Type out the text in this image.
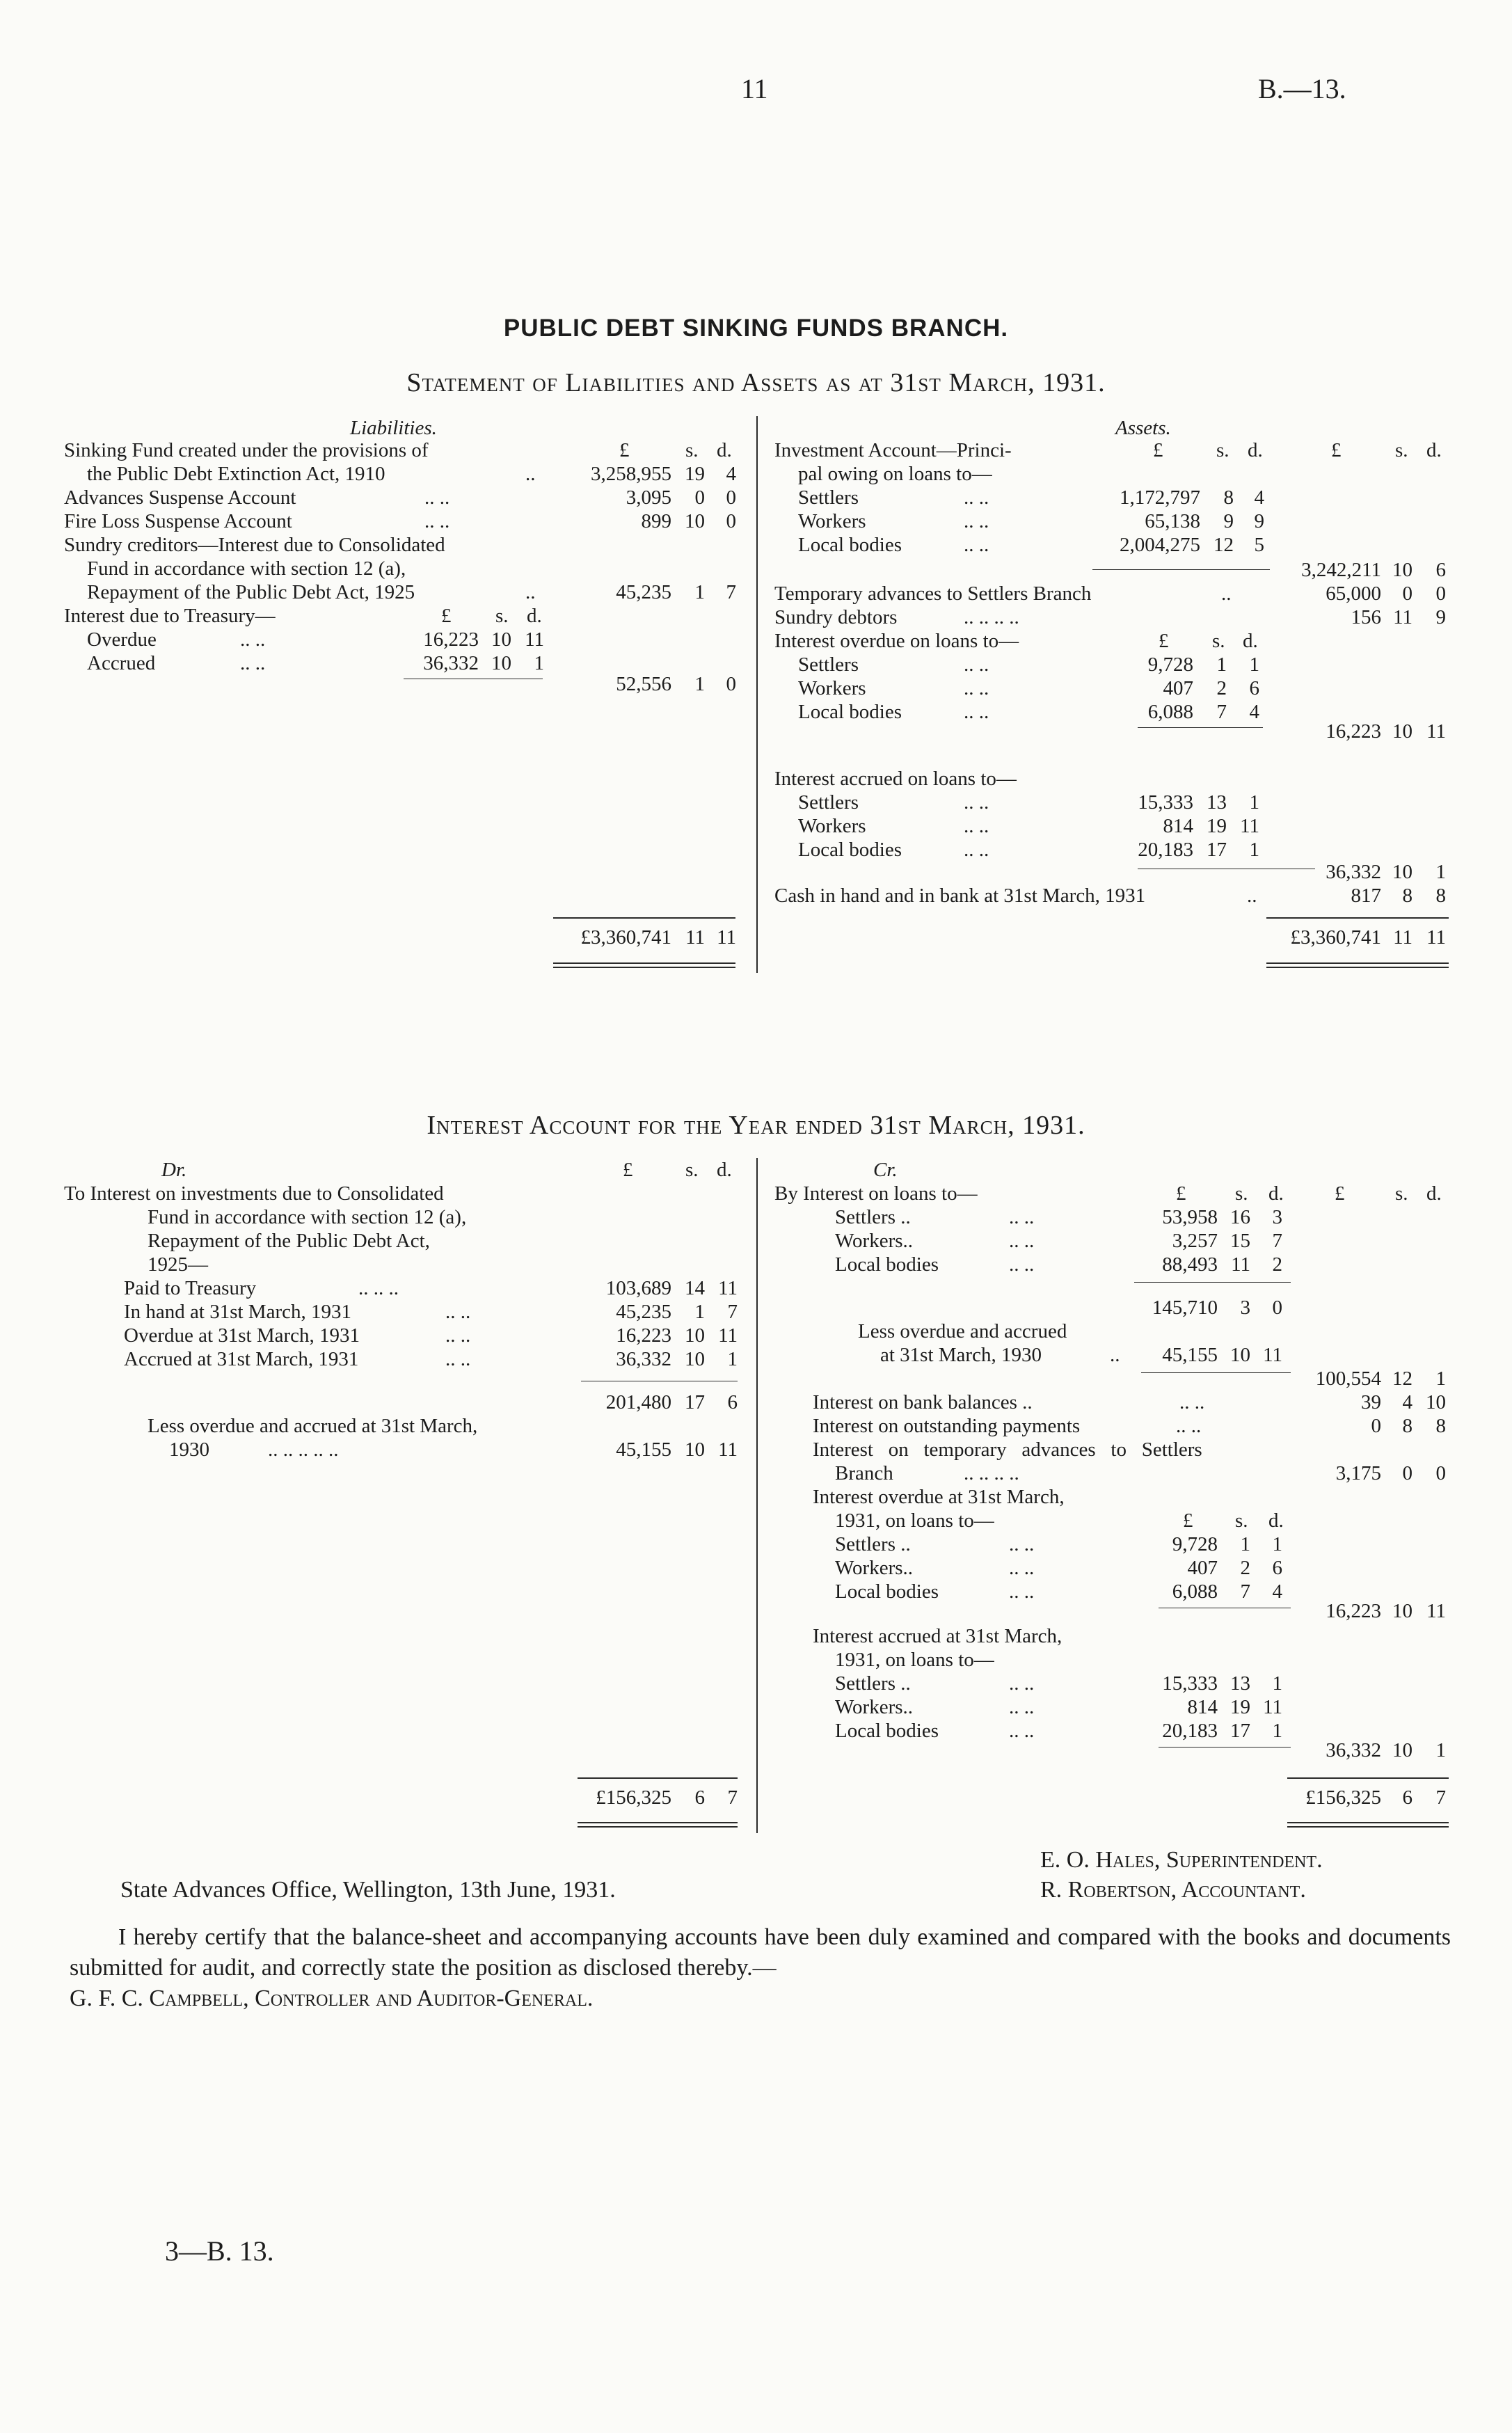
11	B.—13.
PUBLIC DEBT SINKING FUNDS BRANCH.
Statement of Liabilities and Assets as at 31st March, 1931.
Liabilities.
£	s. d.
Sinking Fund created under the provisions of
the Public Debt Extinction Act, 1910	..	3,258,955 19	4
Advances Suspense Account	.. ..	3,095	0	0
Fire Loss Suspense Account	.. ..	899 10	0
Sundry creditors—Interest due to Consolidated
Fund in accordance with section 12 (a),
Repayment of the Public Debt Act, 1925	..	45,235	1	7
Interest due to Treasury—	£ s. d.
Overdue	.. ..	16,223 10 11
Accrued	.. ..	36,332 10	1
52,556	1	0
£3,360,741 11 11
Assets.
£	s. d.	£	s. d.
Investment Account—Princi-
pal owing on loans to—
Settlers	.. ..	1,172,797	8	4
Workers	.. ..	65,138	9	9
Local bodies	.. ..	2,004,275 12	5
3,242,211 10	6
Temporary advances to Settlers Branch	..	65,000	0	0
Sundry debtors	.. .. .. ..	156 11	9
Interest overdue on loans to—	£ s. d.
Settlers	.. ..	9,728	1	1
Workers	.. ..	407	2	6
Local bodies	.. ..	6,088	7	4
16,223 10 11
Interest accrued on loans to—
Settlers	.. ..	15,333 13	1
Workers	.. ..	814 19 11
Local bodies	.. ..	20,183 17	1
36,332 10	1
Cash in hand and in bank at 31st March, 1931	..	817	8	8
£3,360,741 11 11
Interest Account for the Year ended 31st March, 1931.
Dr.	£	s. d.
To Interest on investments due to Consolidated
Fund in accordance with section 12 (a),
Repayment of the Public Debt Act,
1925—
Paid to Treasury	.. .. ..	103,689 14 11
In hand at 31st March, 1931	.. ..	45,235	1	7
Overdue at 31st March, 1931	.. ..	16,223 10 11
Accrued at 31st March, 1931	.. ..	36,332 10	1
201,480 17	6
Less overdue and accrued at 31st March,
1930	.. .. .. .. ..	45,155 10 11
£156,325	6	7
Cr.
£ s. d.	£	s. d.
By Interest on loans to—
Settlers ..	.. ..	53,958 16	3
Workers..	.. ..	3,257 15	7
Local bodies	.. ..	88,493 11	2
145,710	3	0
Less overdue and accrued
at 31st March, 1930	..	45,155 10 11
100,554 12	1
Interest on bank balances ..	.. ..	39	4 10
Interest on outstanding payments	.. ..	0	8	8
Interest   on   temporary   advances   to   Settlers
Branch	.. .. .. ..	3,175	0	0
Interest overdue at 31st March,
1931, on loans to—	£ s. d.
Settlers ..	.. ..	9,728	1	1
Workers..	.. ..	407	2	6
Local bodies	.. ..	6,088	7	4
16,223 10 11
Interest accrued at 31st March,
1931, on loans to—
Settlers ..	.. ..	15,333 13	1
Workers..	.. ..	814 19 11
Local bodies	.. ..	20,183 17	1
36,332 10	1
£156,325	6	7
E. O. Hales, Superintendent.
R. Robertson, Accountant.
State Advances Office, Wellington, 13th June, 1931.
I hereby certify that the balance-sheet and accompanying accounts have been duly examined and compared with the books and documents submitted for audit, and correctly state the position as disclosed thereby.—
G. F. C. Campbell, Controller and Auditor-General.
3—B. 13.
